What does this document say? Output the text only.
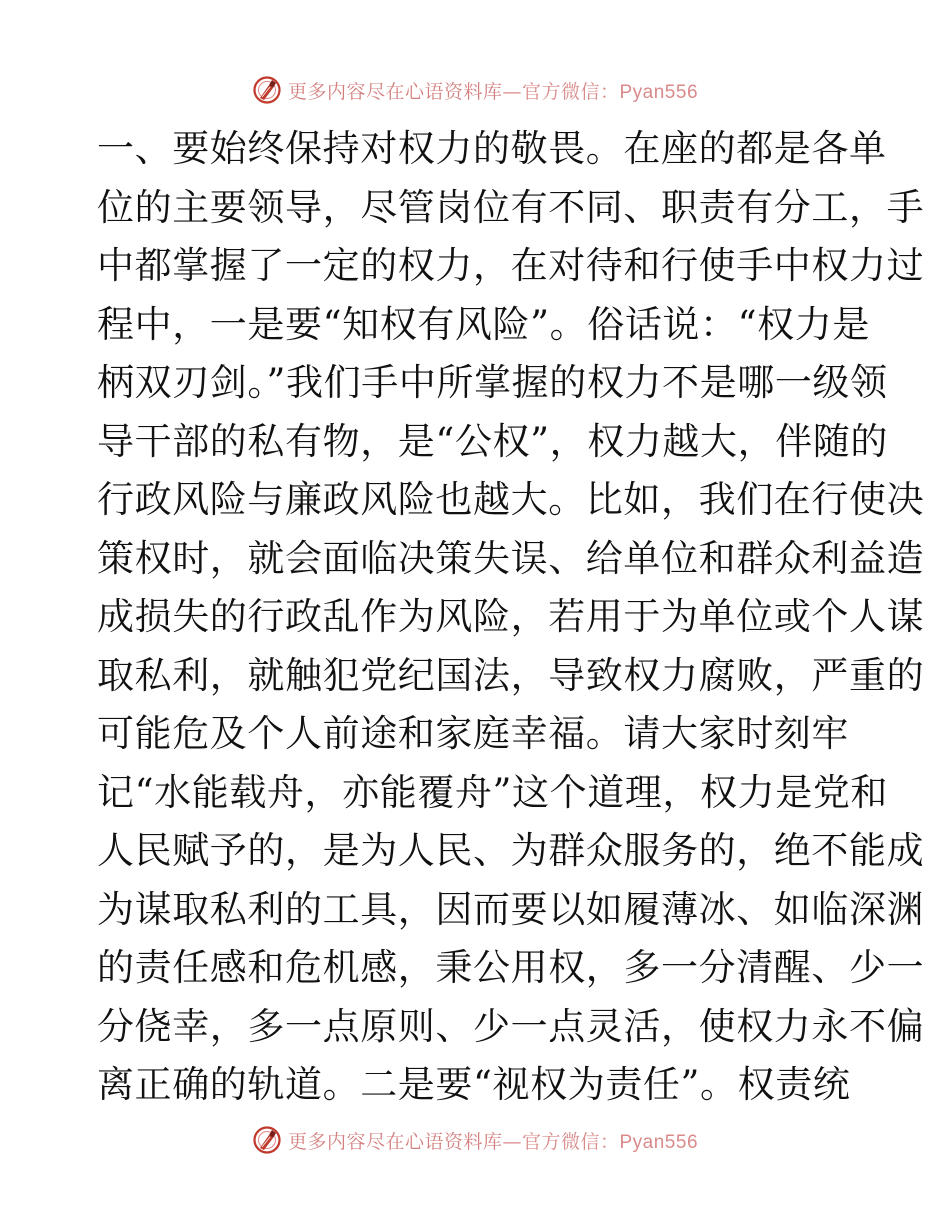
更多内容尽在心语资料库—官方微信：Pyan556
一、要始终保持对权力的敬畏。在座的都是各单
位的主要领导，尽管岗位有不同、职责有分工，手
中都掌握了一定的权力，在对待和行使手中权力过
程中，一是要“知权有风险”。俗话说：“权力是
柄双刃剑。”我们手中所掌握的权力不是哪一级领
导干部的私有物，是“公权”，权力越大，伴随的
行政风险与廉政风险也越大。比如，我们在行使决
策权时，就会面临决策失误、给单位和群众利益造
成损失的行政乱作为风险，若用于为单位或个人谋
取私利，就触犯党纪国法，导致权力腐败，严重的
可能危及个人前途和家庭幸福。请大家时刻牢
记“水能载舟，亦能覆舟”这个道理，权力是党和
人民赋予的，是为人民、为群众服务的，绝不能成
为谋取私利的工具，因而要以如履薄冰、如临深渊
的责任感和危机感，秉公用权，多一分清醒、少一
分侥幸，多一点原则、少一点灵活，使权力永不偏
离正确的轨道。二是要“视权为责任”。权责统
更多内容尽在心语资料库—官方微信：Pyan556
